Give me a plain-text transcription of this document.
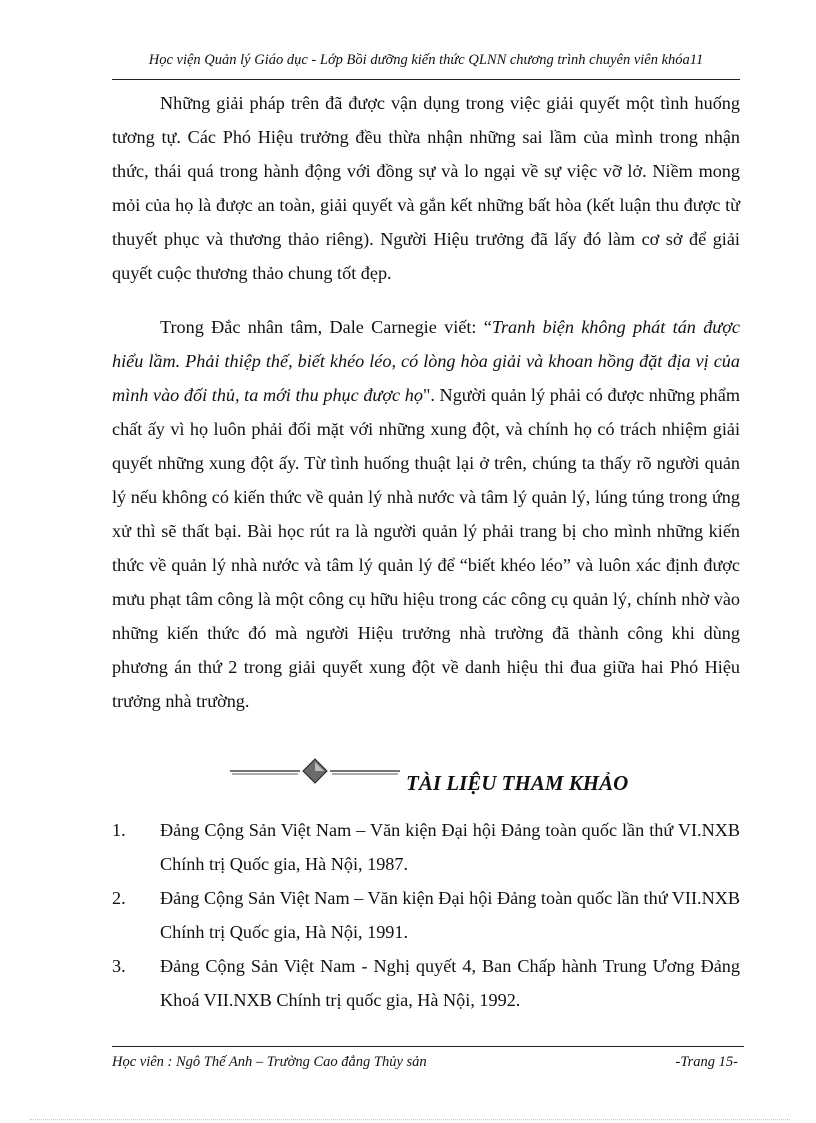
Học viện Quản lý Giáo dục - Lớp Bồi dưỡng kiến thức QLNN chương trình chuyên viên khóa11

Những giải pháp trên đã được vận dụng trong việc giải quyết một tình huống tương tự. Các Phó Hiệu trưởng đều thừa nhận những sai lầm của mình trong nhận thức, thái quá trong hành động với đồng sự và lo ngại về sự việc vỡ lở. Niềm mong mỏi của họ là được an toàn, giải quyết và gắn kết những bất hòa (kết luận thu được từ thuyết phục và thương thảo riêng). Người Hiệu trưởng đã lấy đó làm cơ sở để giải quyết cuộc thương thảo chung tốt đẹp.

Trong Đắc nhân tâm, Dale Carnegie viết: “Tranh biện không phát tán được hiểu lầm. Phải thiệp thế, biết khéo léo, có lòng hòa giải và khoan hồng đặt địa vị của mình vào đối thủ, ta mới thu phục được họ". Người quản lý phải có được những phẩm chất ấy vì họ luôn phải đối mặt với những xung đột, và chính họ có trách nhiệm giải quyết những xung đột ấy. Từ tình huống thuật lại ở trên, chúng ta thấy rõ người quản lý nếu không có kiến thức về quản lý nhà nước và tâm lý quản lý, lúng túng trong ứng xử thì sẽ thất bại. Bài học rút ra là người quản lý phải trang bị cho mình những kiến thức về quản lý nhà nước và tâm lý quản lý để “biết khéo léo” và luôn xác định được mưu phạt tâm công là một công cụ hữu hiệu trong các công cụ quản lý, chính nhờ vào những kiến thức đó mà người Hiệu trưởng nhà trường đã thành công khi dùng phương án thứ 2 trong giải quyết xung đột về danh hiệu thi đua giữa hai Phó Hiệu trưởng nhà trường.

TÀI LIỆU THAM KHẢO
1.	Đảng Cộng Sản Việt Nam – Văn kiện Đại hội Đảng toàn quốc lần thứ VI.NXB Chính trị Quốc gia, Hà Nội, 1987.
2.	Đảng Cộng Sản Việt Nam – Văn kiện Đại hội Đảng toàn quốc lần thứ VII.NXB Chính trị Quốc gia, Hà Nội, 1991.
3.	Đảng Cộng Sản Việt Nam - Nghị quyết 4, Ban Chấp hành Trung Ương Đảng Khoá VII.NXB Chính trị quốc gia, Hà Nội, 1992.
Học viên : Ngô Thế Anh – Trường Cao đẳng Thủy sản	-Trang 15-
